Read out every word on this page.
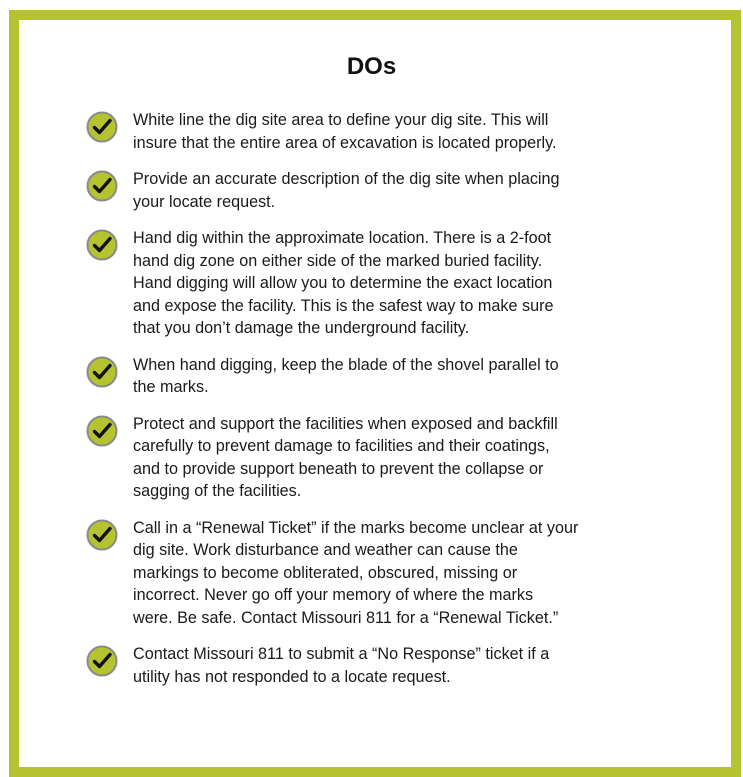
DOs
White line the dig site area to define your dig site. This will
insure that the entire area of excavation is located properly.
Provide an accurate description of the dig site when placing
your locate request.
Hand dig within the approximate location. There is a 2-foot
hand dig zone on either side of the marked buried facility.
Hand digging will allow you to determine the exact location
and expose the facility. This is the safest way to make sure
that you don’t damage the underground facility.
When hand digging, keep the blade of the shovel parallel to
the marks.
Protect and support the facilities when exposed and backfill
carefully to prevent damage to facilities and their coatings,
and to provide support beneath to prevent the collapse or
sagging of the facilities.
Call in a “Renewal Ticket” if the marks become unclear at your
dig site. Work disturbance and weather can cause the
markings to become obliterated, obscured, missing or
incorrect. Never go off your memory of where the marks
were. Be safe. Contact Missouri 811 for a “Renewal Ticket.”
Contact Missouri 811 to submit a “No Response” ticket if a
utility has not responded to a locate request.
